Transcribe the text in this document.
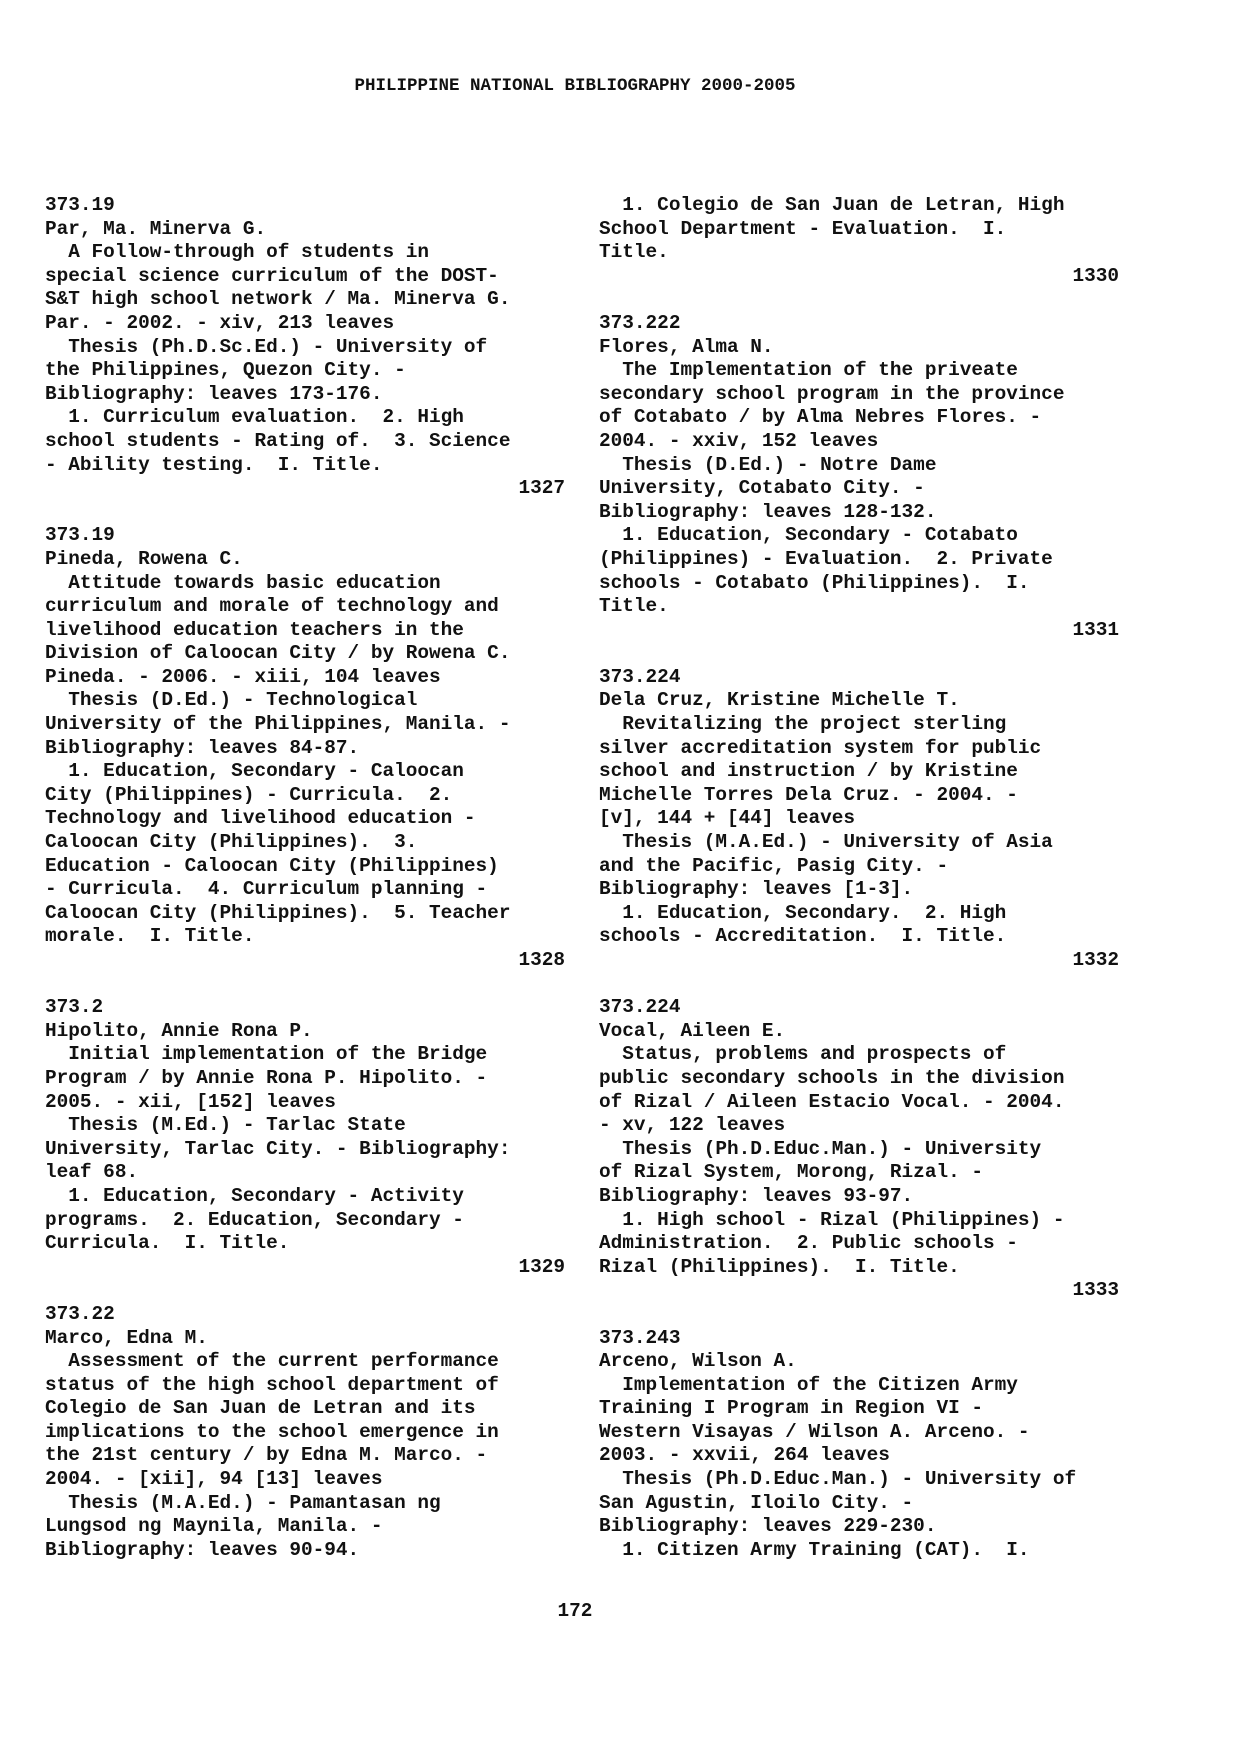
PHILIPPINE NATIONAL BIBLIOGRAPHY 2000-2005
373.19
Par, Ma. Minerva G.
A Follow-through of students in
special science curriculum of the DOST-
S&T high school network / Ma. Minerva G.
Par. - 2002. - xiv, 213 leaves
Thesis (Ph.D.Sc.Ed.) - University of
the Philippines, Quezon City. -
Bibliography: leaves 173-176.
1. Curriculum evaluation.  2. High
school students - Rating of.  3. Science
- Ability testing.  I. Title.
1327
373.19
Pineda, Rowena C.
Attitude towards basic education
curriculum and morale of technology and
livelihood education teachers in the
Division of Caloocan City / by Rowena C.
Pineda. - 2006. - xiii, 104 leaves
Thesis (D.Ed.) - Technological
University of the Philippines, Manila. -
Bibliography: leaves 84-87.
1. Education, Secondary - Caloocan
City (Philippines) - Curricula.  2.
Technology and livelihood education -
Caloocan City (Philippines).  3.
Education - Caloocan City (Philippines)
- Curricula.  4. Curriculum planning -
Caloocan City (Philippines).  5. Teacher
morale.  I. Title.
1328
373.2
Hipolito, Annie Rona P.
Initial implementation of the Bridge
Program / by Annie Rona P. Hipolito. -
2005. - xii, [152] leaves
Thesis (M.Ed.) - Tarlac State
University, Tarlac City. - Bibliography:
leaf 68.
1. Education, Secondary - Activity
programs.  2. Education, Secondary -
Curricula.  I. Title.
1329
373.22
Marco, Edna M.
Assessment of the current performance
status of the high school department of
Colegio de San Juan de Letran and its
implications to the school emergence in
the 21st century / by Edna M. Marco. -
2004. - [xii], 94 [13] leaves
Thesis (M.A.Ed.) - Pamantasan ng
Lungsod ng Maynila, Manila. -
Bibliography: leaves 90-94.
1. Colegio de San Juan de Letran, High
School Department - Evaluation.  I.
Title.
1330
373.222
Flores, Alma N.
The Implementation of the priveate
secondary school program in the province
of Cotabato / by Alma Nebres Flores. -
2004. - xxiv, 152 leaves
Thesis (D.Ed.) - Notre Dame
University, Cotabato City. -
Bibliography: leaves 128-132.
1. Education, Secondary - Cotabato
(Philippines) - Evaluation.  2. Private
schools - Cotabato (Philippines).  I.
Title.
1331
373.224
Dela Cruz, Kristine Michelle T.
Revitalizing the project sterling
silver accreditation system for public
school and instruction / by Kristine
Michelle Torres Dela Cruz. - 2004. -
[v], 144 + [44] leaves
Thesis (M.A.Ed.) - University of Asia
and the Pacific, Pasig City. -
Bibliography: leaves [1-3].
1. Education, Secondary.  2. High
schools - Accreditation.  I. Title.
1332
373.224
Vocal, Aileen E.
Status, problems and prospects of
public secondary schools in the division
of Rizal / Aileen Estacio Vocal. - 2004.
- xv, 122 leaves
Thesis (Ph.D.Educ.Man.) - University
of Rizal System, Morong, Rizal. -
Bibliography: leaves 93-97.
1. High school - Rizal (Philippines) -
Administration.  2. Public schools -
Rizal (Philippines).  I. Title.
1333
373.243
Arceno, Wilson A.
Implementation of the Citizen Army
Training I Program in Region VI -
Western Visayas / Wilson A. Arceno. -
2003. - xxvii, 264 leaves
Thesis (Ph.D.Educ.Man.) - University of
San Agustin, Iloilo City. -
Bibliography: leaves 229-230.
1. Citizen Army Training (CAT).  I.
172
